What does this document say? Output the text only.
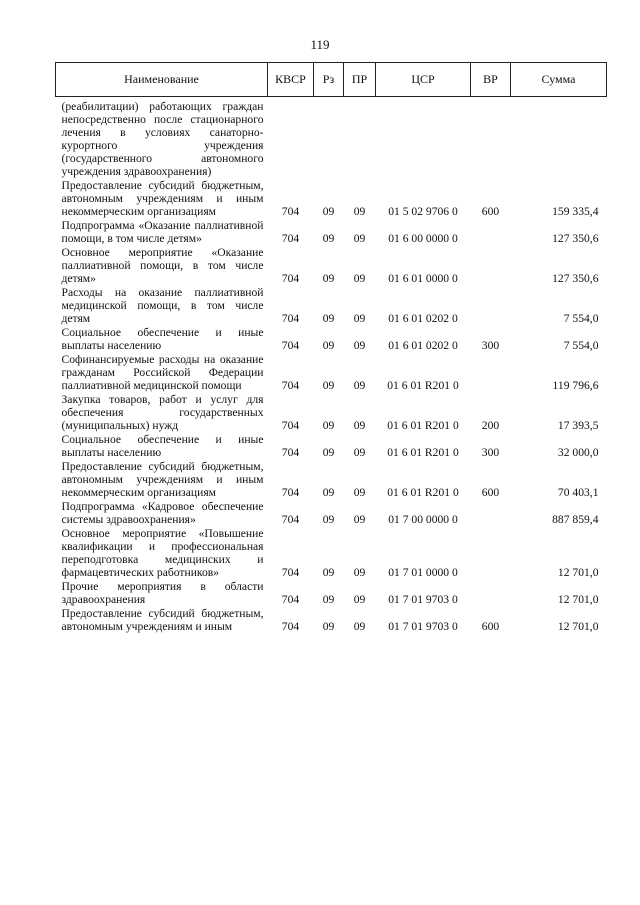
119
Наименование	КВСР	Рз	ПР	ЦСР	ВР	Сумма
(реабилитации) работающих граждан непосредственно после стационарного лечения в условиях санаторно-курортного учреждения (государственного автономного учреждения здравоохранения)						
Предоставление субсидий бюджетным, автономным учреждениям и иным некоммерческим организациям	704	09	09	01 5 02 9706 0	600	159 335,4
Подпрограмма «Оказание паллиативной помощи, в том числе детям»	704	09	09	01 6 00 0000 0		127 350,6
Основное мероприятие «Оказание паллиативной помощи, в том числе детям»	704	09	09	01 6 01 0000 0		127 350,6
Расходы на оказание паллиативной медицинской помощи, в том числе детям	704	09	09	01 6 01 0202 0		7 554,0
Социальное обеспечение и иные выплаты населению	704	09	09	01 6 01 0202 0	300	7 554,0
Софинансируемые расходы на оказание гражданам Российской Федерации паллиативной медицинской помощи	704	09	09	01 6 01 R201 0		119 796,6
Закупка товаров, работ и услуг для обеспечения государственных (муниципальных) нужд	704	09	09	01 6 01 R201 0	200	17 393,5
Социальное обеспечение и иные выплаты населению	704	09	09	01 6 01 R201 0	300	32 000,0
Предоставление субсидий бюджетным, автономным учреждениям и иным некоммерческим организациям	704	09	09	01 6 01 R201 0	600	70 403,1
Подпрограмма «Кадровое обеспечение системы здравоохранения»	704	09	09	01 7 00 0000 0		887 859,4
Основное мероприятие «Повышение квалификации и профессиональная переподготовка медицинских и фармацевтических работников»	704	09	09	01 7 01 0000 0		12 701,0
Прочие мероприятия в области здравоохранения	704	09	09	01 7 01 9703 0		12 701,0
Предоставление субсидий бюджетным, автономным учреждениям и иным	704	09	09	01 7 01 9703 0	600	12 701,0
